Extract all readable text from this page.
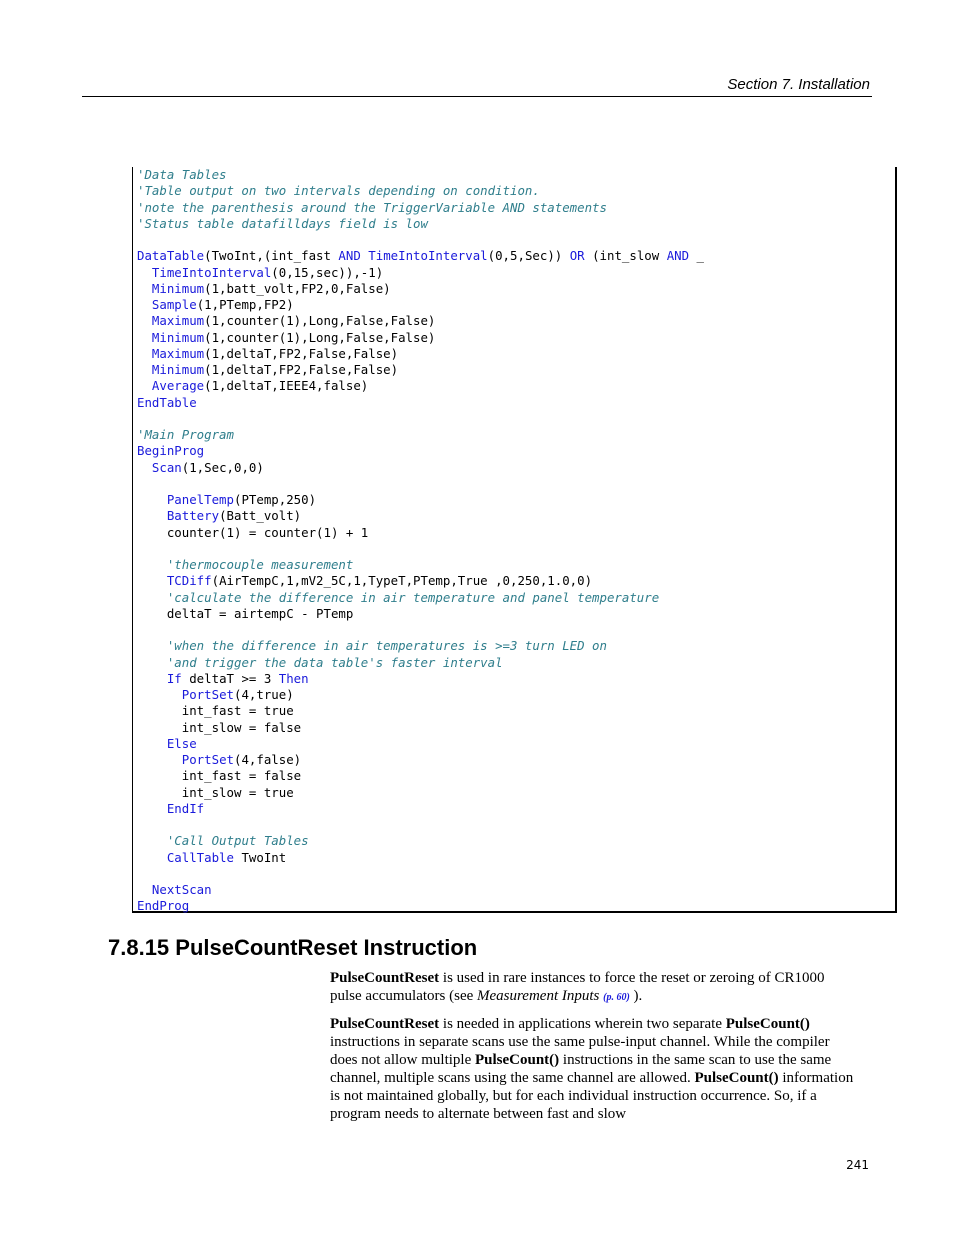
Section 7. Installation
'Data Tables
'Table output on two intervals depending on condition.
'note the parenthesis around the TriggerVariable AND statements
'Status table datafilldays field is low

DataTable(TwoInt,(int_fast AND TimeIntoInterval(0,5,Sec)) OR (int_slow AND _
TimeIntoInterval(0,15,sec)),-1)
Minimum(1,batt_volt,FP2,0,False)
Sample(1,PTemp,FP2)
Maximum(1,counter(1),Long,False,False)
Minimum(1,counter(1),Long,False,False)
Maximum(1,deltaT,FP2,False,False)
Minimum(1,deltaT,FP2,False,False)
Average(1,deltaT,IEEE4,false)
EndTable

'Main Program
BeginProg
Scan(1,Sec,0,0)

PanelTemp(PTemp,250)
Battery(Batt_volt)
counter(1) = counter(1) + 1

'thermocouple measurement
TCDiff(AirTempC,1,mV2_5C,1,TypeT,PTemp,True ,0,250,1.0,0)
'calculate the difference in air temperature and panel temperature
deltaT = airtempC - PTemp

'when the difference in air temperatures is >=3 turn LED on
'and trigger the data table's faster interval
If deltaT >= 3 Then
PortSet(4,true)
int_fast = true
int_slow = false
Else
PortSet(4,false)
int_fast = false
int_slow = true
EndIf

'Call Output Tables
CallTable TwoInt

NextScan
EndProg
7.8.15 PulseCountReset Instruction

PulseCountReset is used in rare instances to force the reset or zeroing of CR1000 pulse accumulators (see Measurement Inputs (p. 60) ).

PulseCountReset is needed in applications wherein two separate PulseCount() instructions in separate scans use the same pulse-input channel. While the compiler does not allow multiple PulseCount() instructions in the same scan to use the same channel, multiple scans using the same channel are allowed. PulseCount() information is not maintained globally, but for each individual instruction occurrence. So, if a program needs to alternate between fast and slow

241
